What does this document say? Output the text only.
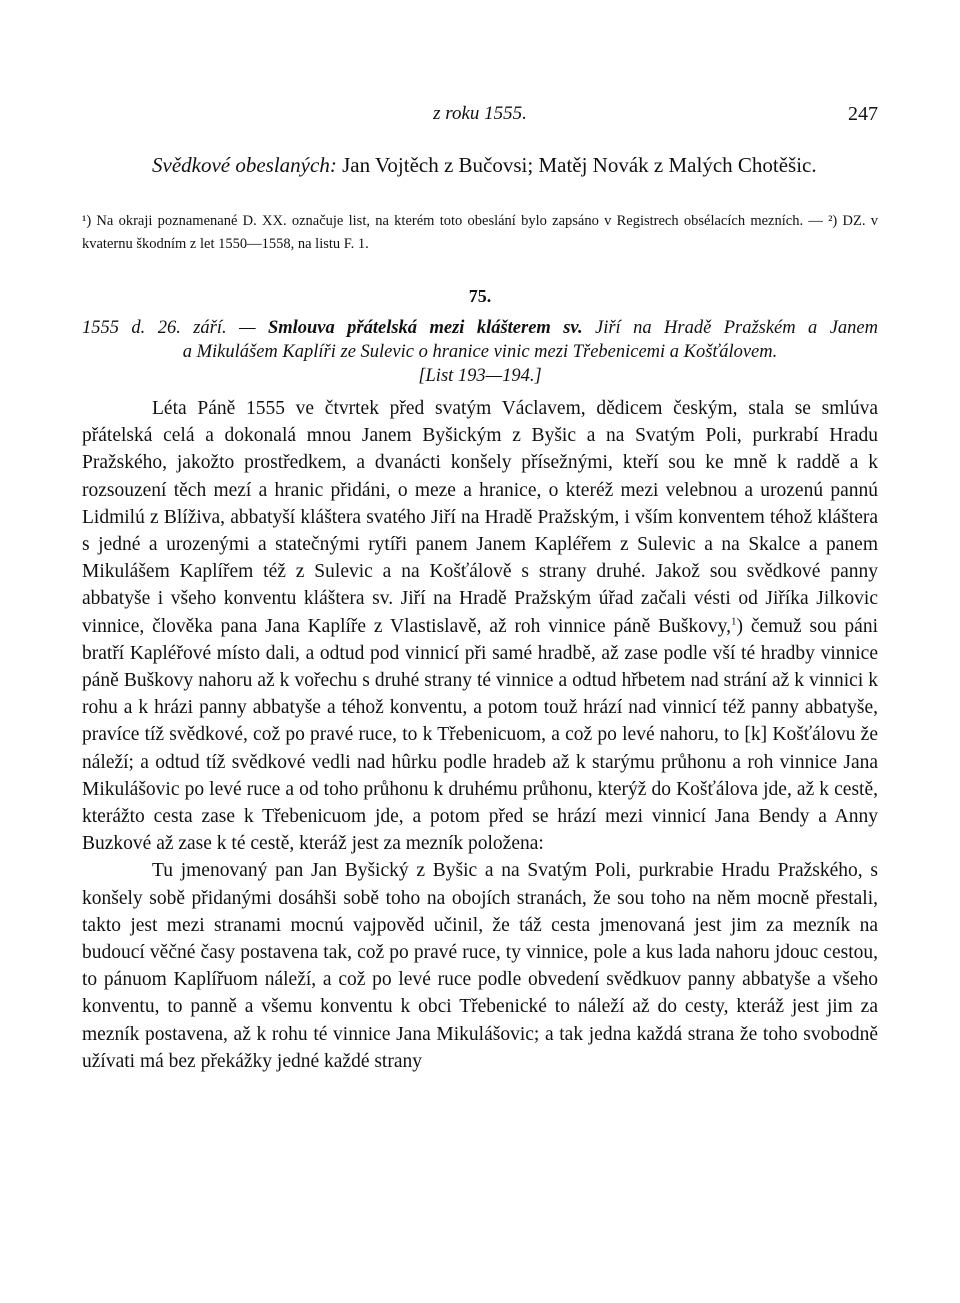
z roku 1555.	247

Svědkové obeslaných: Jan Vojtěch z Bučovsi; Matěj Novák z Malých Chotěšic.

¹) Na okraji poznamenané D. XX. označuje list, na kterém toto obeslání bylo zapsáno v Registrech obsélacích mezních. — ²) DZ. v kvaternu škodním z let 1550—1558, na listu F. 1.

75.

1555 d. 26. září. — Smlouva přátelská mezi klášterem sv. Jiří na Hradě Pražském a Janem

a Mikulášem Kaplíři ze Sulevic o hranice vinic mezi Třebenicemi a Košťálovem.

[List 193—194.]

Léta Páně 1555 ve čtvrtek před svatým Václavem, dědicem českým, stala se smlúva přátelská celá a dokonalá mnou Janem Byšickým z Byšic a na Svatým Poli, purkrabí Hradu Pražského, jakožto prostředkem, a dvanácti konšely přísežnými, kteří sou ke mně k raddě a k rozsouzení těch mezí a hranic přidáni, o meze a hranice, o kteréž mezi velebnou a urozenú pannú Lidmilú z Blíživa, abbatyší kláštera svatého Jiří na Hradě Pražským, i vším konventem téhož kláštera s jedné a urozenými a statečnými rytíři panem Janem Kapléřem z Sulevic a na Skalce a panem Mikulášem Kaplířem též z Sulevic a na Košťálově s strany druhé. Jakož sou svědkové panny abbatyše i všeho konventu kláštera sv. Jiří na Hradě Pražským úřad začali vésti od Jiříka Jilkovic vinnice, člověka pana Jana Kaplíře z Vlastislavě, až roh vinnice páně Buškovy,$^1$) čemuž sou páni bratří Kapléřové místo dali, a odtud pod vinnicí při samé hradbě, až zase podle vší té hradby vinnice páně Buškovy nahoru až k vořechu s druhé strany té vinnice a odtud hřbetem nad strání až k vinnici k rohu a k hrázi panny abbatyše a téhož konventu, a potom touž hrází nad vinnicí též panny abbatyše, pravíce tíž svědkové, což po pravé ruce, to k Třebenicuom, a což po levé nahoru, to [k] Košťálovu že náleží; a odtud tíž svědkové vedli nad hûrku podle hradeb až k starýmu průhonu a roh vinnice Jana Mikulášovic po levé ruce a od toho průhonu k druhému průhonu, kterýž do Košťálova jde, až k cestě, kterážto cesta zase k Třebenicuom jde, a potom před se hrází mezi vinnicí Jana Bendy a Anny Buzkové až zase k té cestě, kteráž jest za mezník položena:

Tu jmenovaný pan Jan Byšický z Byšic a na Svatým Poli, purkrabie Hradu Pražského, s konšely sobě přidanými dosáhši sobě toho na obojích stranách, že sou toho na něm mocně přestali, takto jest mezi stranami mocnú vajpověd učinil, že táž cesta jmenovaná jest jim za mezník na budoucí věčné časy postavena tak, což po pravé ruce, ty vinnice, pole a kus lada nahoru jdouc cestou, to pánuom Kaplířuom náleží, a což po levé ruce podle obvedení svědkuov panny abbatyše a všeho konventu, to panně a všemu konventu k obci Třebenické to náleží až do cesty, kteráž jest jim za mezník postavena, až k rohu té vinnice Jana Mikulášovic; a tak jedna každá strana že toho svobodně užívati má bez překážky jedné každé strany
